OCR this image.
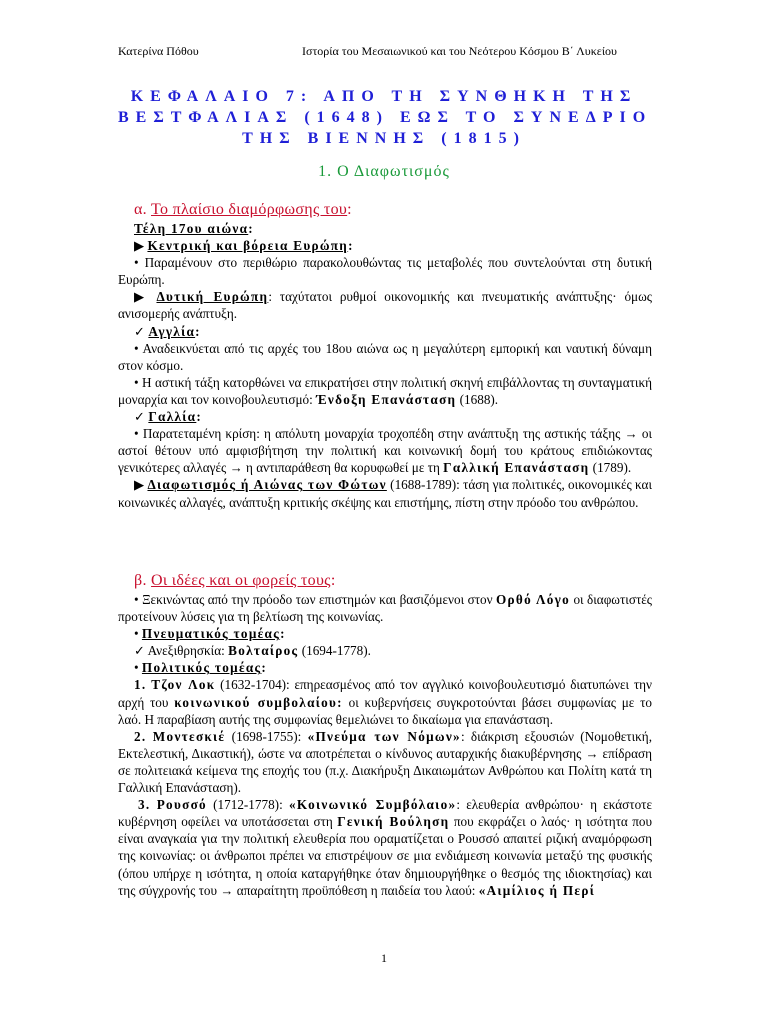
Κατερίνα Πόθου	Ιστορία του Μεσαιωνικού και του Νεότερου Κόσμου Β΄ Λυκείου
ΚΕΦΑΛΑΙΟ 7: ΑΠΟ ΤΗ ΣΥΝΘΗΚΗ ΤΗΣ
ΒΕΣΤΦΑΛΙΑΣ (1648) ΕΩΣ ΤΟ ΣΥΝΕΔΡΙΟ
ΤΗΣ ΒΙΕΝΝΗΣ (1815)
1. Ο Διαφωτισμός

α. Το πλαίσιο διαμόρφωσης του:

Τέλη 17ου αιώνα:

▶ Κεντρική και βόρεια Ευρώπη:

• Παραμένουν στο περιθώριο παρακολουθώντας τις μεταβολές που συντελούνται στη δυτική Ευρώπη.

▶ Δυτική Ευρώπη: ταχύτατοι ρυθμοί οικονομικής και πνευματικής ανάπτυξης· όμως ανισομερής ανάπτυξη.

✓ Αγγλία:

• Αναδεικνύεται από τις αρχές του 18ου αιώνα ως η μεγαλύτερη εμπορική και ναυτική δύναμη στον κόσμο.

• Η αστική τάξη κατορθώνει να επικρατήσει στην πολιτική σκηνή επιβάλλοντας τη συνταγματική μοναρχία και τον κοινοβουλευτισμό: Ένδοξη Επανάσταση (1688).

✓ Γαλλία:

• Παρατεταμένη κρίση: η απόλυτη μοναρχία τροχοπέδη στην ανάπτυξη της αστικής τάξης → οι αστοί θέτουν υπό αμφισβήτηση την πολιτική και κοινωνική δομή του κράτους επιδιώκοντας γενικότερες αλλαγές → η αντιπαράθεση θα κορυφωθεί με τη Γαλλική Επανάσταση (1789).

▶ Διαφωτισμός ή Αιώνας των Φώτων (1688-1789): τάση για πολιτικές, οικονομικές και κοινωνικές αλλαγές, ανάπτυξη κριτικής σκέψης και επιστήμης, πίστη στην πρόοδο του ανθρώπου.

β. Οι ιδέες και οι φορείς τους:

• Ξεκινώντας από την πρόοδο των επιστημών και βασιζόμενοι στον Ορθό Λόγο οι διαφωτιστές προτείνουν λύσεις για τη βελτίωση της κοινωνίας.

• Πνευματικός τομέας:

✓ Ανεξιθρησκία: Βολταίρος (1694-1778).

• Πολιτικός τομέας:

1. Τζον Λοκ (1632-1704): επηρεασμένος από τον αγγλικό κοινοβουλευτισμό διατυπώνει την αρχή του κοινωνικού συμβολαίου: οι κυβερνήσεις συγκροτούνται βάσει συμφωνίας με το λαό. Η παραβίαση αυτής της συμφωνίας θεμελιώνει το δικαίωμα για επανάσταση.

2. Μοντεσκιέ (1698-1755): «Πνεύμα των Νόμων»: διάκριση εξουσιών (Νομοθετική, Εκτελεστική, Δικαστική), ώστε να αποτρέπεται ο κίνδυνος αυταρχικής διακυβέρνησης → επίδραση σε πολιτειακά κείμενα της εποχής του (π.χ. Διακήρυξη Δικαιωμάτων Ανθρώπου και Πολίτη κατά τη Γαλλική Επανάσταση).

3. Ρουσσό (1712-1778): «Κοινωνικό Συμβόλαιο»: ελευθερία ανθρώπου· η εκάστοτε κυβέρνηση οφείλει να υποτάσσεται στη Γενική Βούληση που εκφράζει ο λαός· η ισότητα που είναι αναγκαία για την πολιτική ελευθερία που οραματίζεται ο Ρουσσό απαιτεί ριζική αναμόρφωση της κοινωνίας: οι άνθρωποι πρέπει να επιστρέψουν σε μια ενδιάμεση κοινωνία μεταξύ της φυσικής (όπου υπήρχε η ισότητα, η οποία καταργήθηκε όταν δημιουργήθηκε ο θεσμός της ιδιοκτησίας) και της σύγχρονής του → απαραίτητη προϋπόθεση η παιδεία του λαού: «Αιμίλιος ή Περί

1
